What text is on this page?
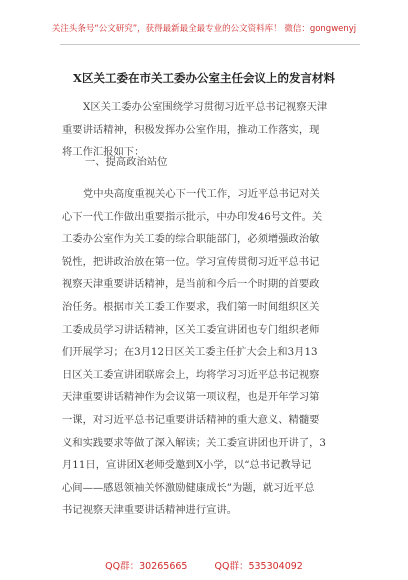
关注头条号“公文研究”，获得最新最全最专业的公文资料库！ 微信：gongwenyj
X区关工委在市关工委办公室主任会议上的发言材料
X区关工委办公室围绕学习贯彻习近平总书记视察天津
重要讲话精神，积极发挥办公室作用，推动工作落实，现
将工作汇报如下：
一、提高政治站位
党中央高度重视关心下一代工作，习近平总书记对关
心下一代工作做出重要指示批示，中办印发46号文件。关
工委办公室作为关工委的综合职能部门，必须增强政治敏
锐性，把讲政治放在第一位。学习宣传贯彻习近平总书记
视察天津重要讲话精神，是当前和今后一个时期的首要政
治任务。根据市关工委工作要求，我们第一时间组织区关
工委成员学习讲话精神，区关工委宣讲团也专门组织老师
们开展学习；在3月12日区关工委主任扩大会上和3月13
日区关工委宣讲团联席会上，均将学习习近平总书记视察
天津重要讲话精神作为会议第一项议程，也是开年学习第
一课，对习近平总书记重要讲话精神的重大意义、精髓要
义和实践要求等做了深入解读；关工委宣讲团也开讲了，3
月11日，宣讲团X老师受邀到X小学，以“总书记教导记
心间——感恩领袖关怀激励健康成长”为题，就习近平总
书记视察天津重要讲话精神进行宣讲。
QQ群：30265665	QQ群：535304092
